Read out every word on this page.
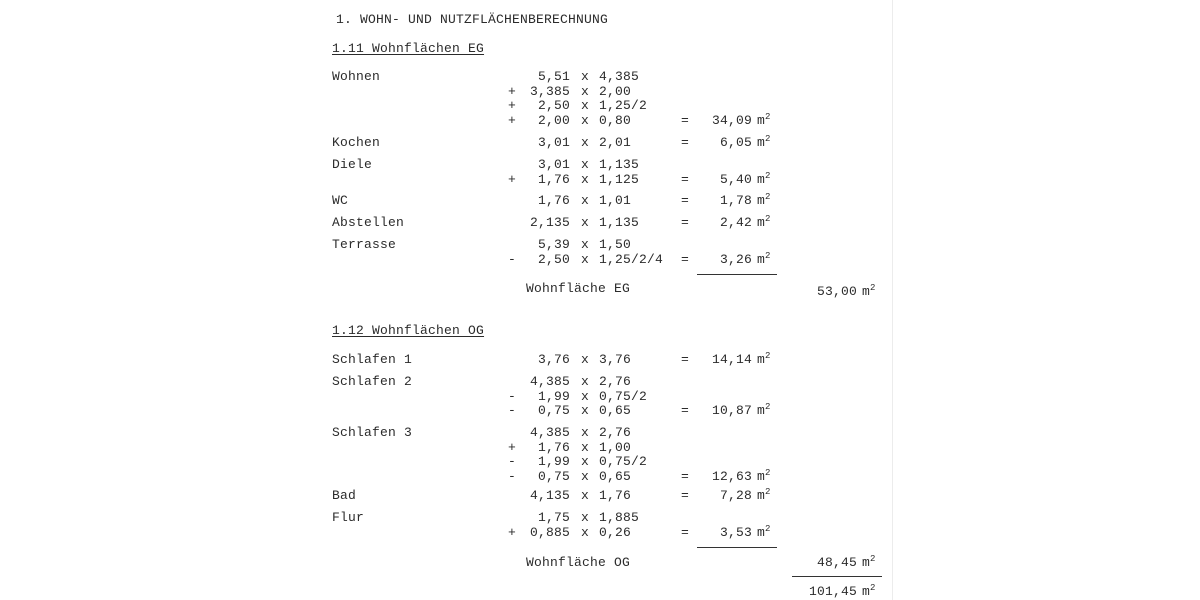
1. WOHN- UND NUTZFLÄCHENBERECHNUNG
1.11 Wohnflächen EG
Wohnen	5,51 x 4,385
+	3,385 x 2,00
+	2,50 x 1,25/2
+	2,00 x 0,80	=	34,09 $m^2$
Kochen	3,01 x 2,01	=	6,05 $m^2$
Diele	3,01 x 1,135
+	1,76 x 1,125	=	5,40 $m^2$
WC	1,76 x 1,01	=	1,78 $m^2$
Abstellen	2,135 x 1,135	=	2,42 $m^2$
Terrasse	5,39 x 1,50
-	2,50 x 1,25/2/4 =	3,26 $m^2$
Wohnfläche EG	53,00 $m^2$
1.12 Wohnflächen OG
Schlafen 1	3,76 x 3,76	=	14,14 $m^2$
Schlafen 2	4,385 x 2,76
-	1,99 x 0,75/2
-	0,75 x 0,65	=	10,87 $m^2$
Schlafen 3	4,385 x 2,76
+	1,76 x 1,00
-	1,99 x 0,75/2
-	0,75 x 0,65	=	12,63 $m^2$
Bad	4,135 x 1,76	=	7,28 $m^2$
Flur	1,75 x 1,885
+	0,885 x 0,26	=	3,53 $m^2$
Wohnfläche OG	48,45 $m^2$
101,45 $m^2$
